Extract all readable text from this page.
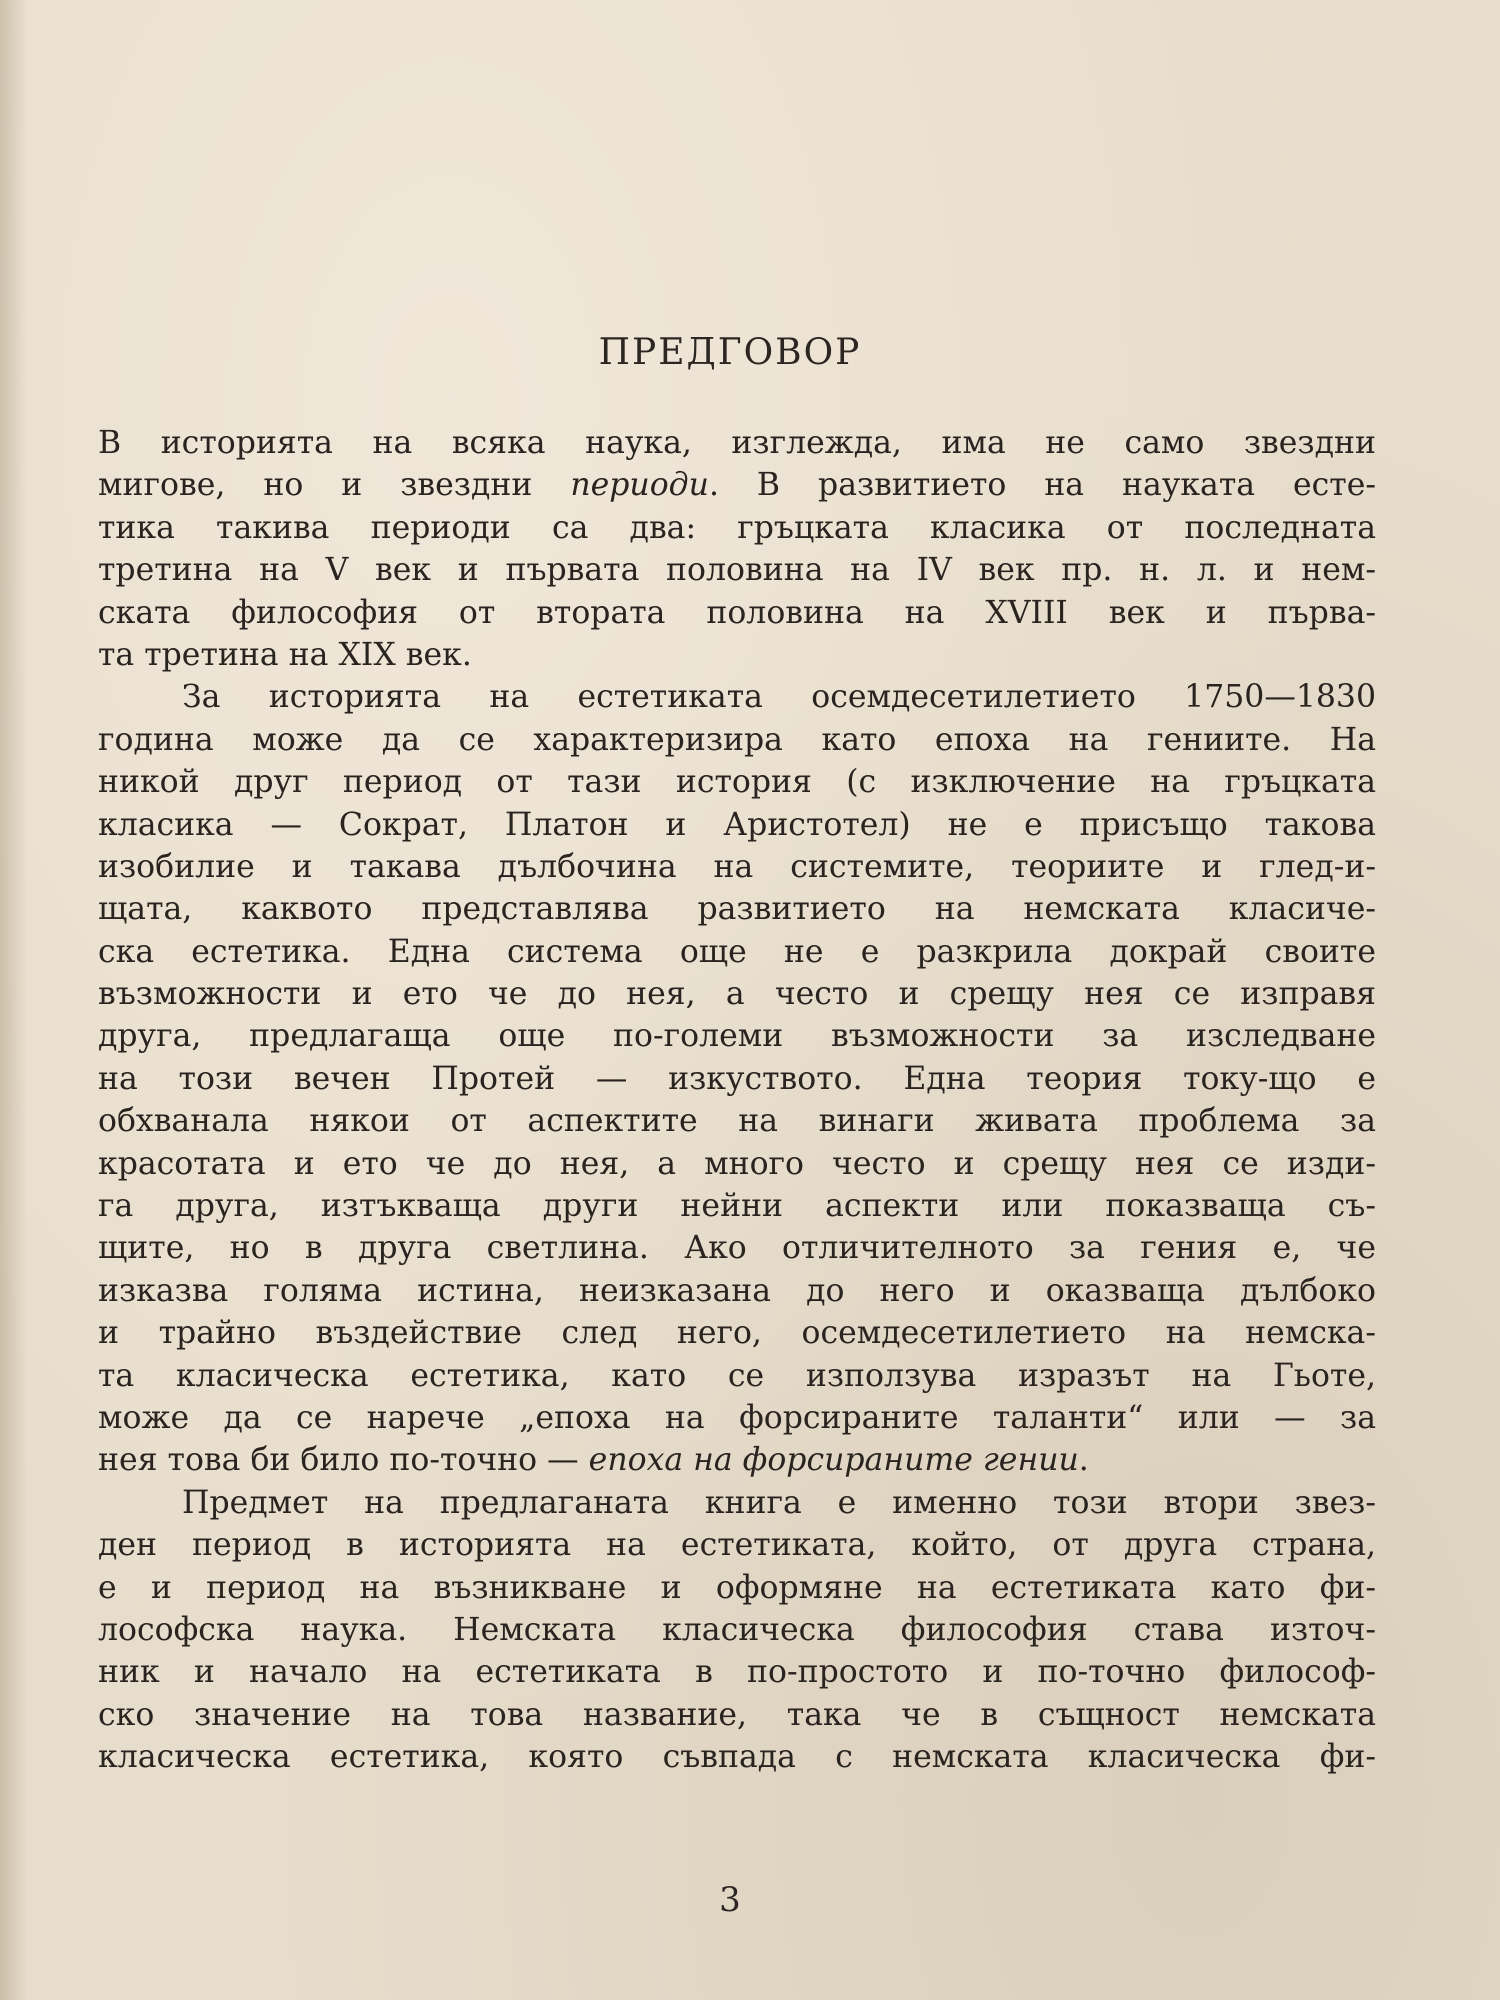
ПРЕДГОВОР
В историята на всяка наука, изглежда, има не само звездни
мигове, но и звездни периоди. В развитието на науката есте-
тика такива периоди са два: гръцката класика от последната
третина на V век и първата половина на IV век пр. н. л. и нем-
ската философия от втората половина на XVIII век и първа-
та третина на XIX век.
За историята на естетиката осемдесетилетието 1750—1830
година може да се характеризира като епоха на гениите. На
никой друг период от тази история (с изключение на гръцката
класика — Сократ, Платон и Аристотел) не е присъщо такова
изобилие и такава дълбочина на системите, теориите и глед-и-
щата, каквото представлява развитието на немската класиче-
ска естетика. Една система още не е разкрила докрай своите
възможности и ето че до нея, а често и срещу нея се изправя
друга, предлагаща още по-големи възможности за изследване
на този вечен Протей — изкуството. Една теория току-що е
обхванала някои от аспектите на винаги живата проблема за
красотата и ето че до нея, а много често и срещу нея се изди-
га друга, изтъкваща други нейни аспекти или показваща съ-
щите, но в друга светлина. Ако отличителното за гения е, че
изказва голяма истина, неизказана до него и оказваща дълбоко
и трайно въздействие след него, осемдесетилетието на немска-
та класическа естетика, като се използува изразът на Гьоте,
може да се нарече „епоха на форсираните таланти“ или — за
нея това би било по-точно — епоха на форсираните гении.
Предмет на предлаганата книга е именно този втори звез-
ден период в историята на естетиката, който, от друга страна,
е и период на възникване и оформяне на естетиката като фи-
лософска наука. Немската класическа философия става източ-
ник и начало на естетиката в по-простото и по-точно философ-
ско значение на това название, така че в същност немската
класическа естетика, която съвпада с немската класическа фи-
3
